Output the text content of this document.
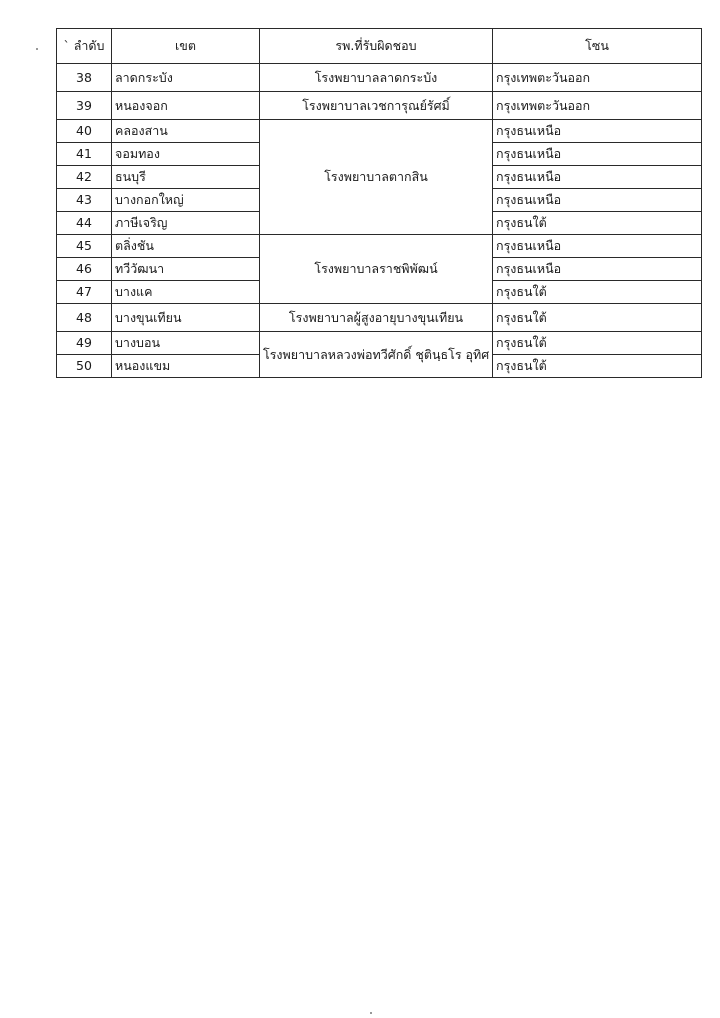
` ลำดับ	เขต	รพ.ที่รับผิดชอบ	โซน
38	ลาดกระบัง	โรงพยาบาลลาดกระบัง	กรุงเทพตะวันออก
39	หนองจอก	โรงพยาบาลเวชการุณย์รัศมิ์	กรุงเทพตะวันออก
40	คลองสาน	โรงพยาบาลตากสิน	กรุงธนเหนือ
41	จอมทอง		กรุงธนเหนือ
42	ธนบุรี		กรุงธนเหนือ
43	บางกอกใหญ่		กรุงธนเหนือ
44	ภาษีเจริญ		กรุงธนใต้
45	ตลิ่งชัน	โรงพยาบาลราชพิพัฒน์	กรุงธนเหนือ
46	ทวีวัฒนา		กรุงธนเหนือ
47	บางแค		กรุงธนใต้
48	บางขุนเทียน	โรงพยาบาลผู้สูงอายุบางขุนเทียน	กรุงธนใต้
49	บางบอน	โรงพยาบาลหลวงพ่อทวีศักดิ์ ชุตินฺธโร อุทิศ	กรุงธนใต้
50	หนองแขม		กรุงธนใต้
